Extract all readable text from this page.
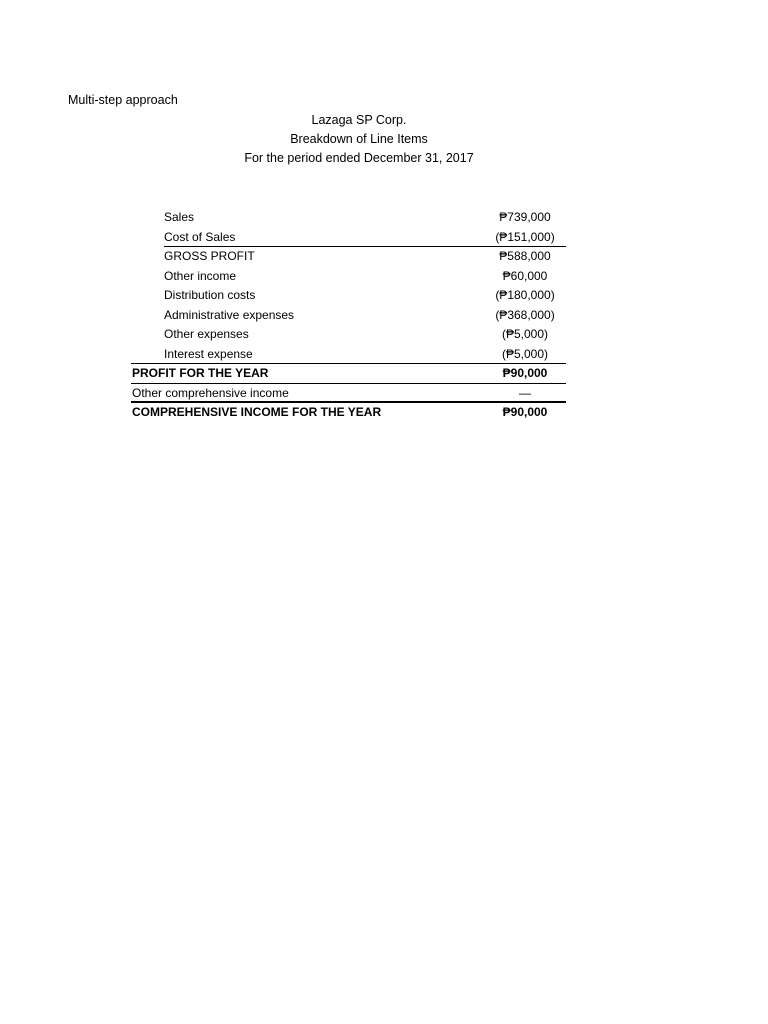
Multi-step approach
Lazaga SP Corp.
Breakdown of Line Items
For the period ended December 31, 2017
Sales	₱739,000
Cost of Sales	(₱151,000)
GROSS PROFIT	₱588,000
Other income	₱60,000
Distribution costs	(₱180,000)
Administrative expenses	(₱368,000)
Other expenses	(₱5,000)
Interest expense	(₱5,000)
PROFIT FOR THE YEAR	₱90,000
Other comprehensive income	—
COMPREHENSIVE INCOME FOR THE YEAR	₱90,000
